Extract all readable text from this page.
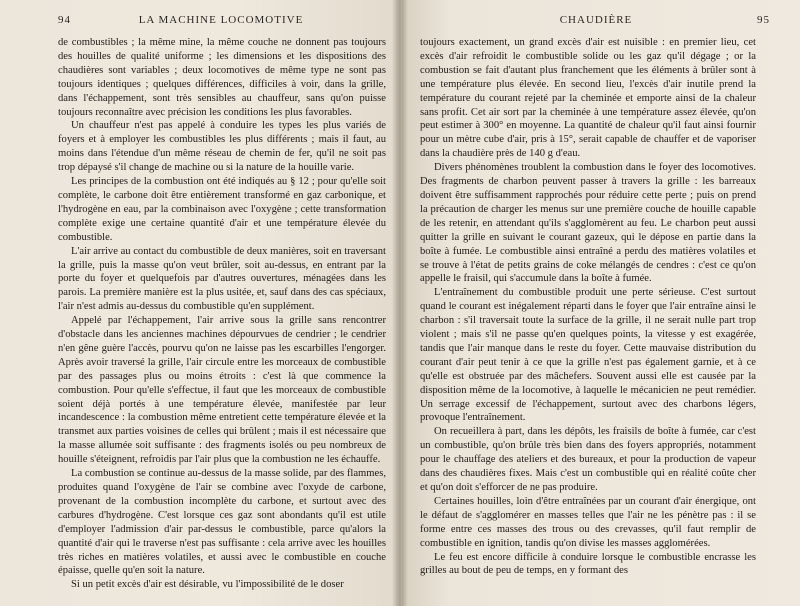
94	LA MACHINE LOCOMOTIVE

de combustibles ; la même mine, la même couche ne donnent pas toujours des houilles de qualité uniforme ; les dimensions et les dispositions des chaudières sont variables ; deux locomotives de même type ne sont pas toujours identiques ; quelques différences, difficiles à voir, dans la grille, dans l'échappement, sont très sensibles au chauffeur, sans qu'on puisse toujours reconnaître avec précision les conditions les plus favorables.

Un chauffeur n'est pas appelé à conduire les types les plus variés de foyers et à employer les combustibles les plus différents ; mais il faut, au moins dans l'étendue d'un même réseau de chemin de fer, qu'il ne soit pas trop dépaysé s'il change de machine ou si la nature de la houille varie.

Les principes de la combustion ont été indiqués au § 12 ; pour qu'elle soit complète, le carbone doit être entièrement transformé en gaz carbonique, et l'hydrogène en eau, par la combinaison avec l'oxygène ; cette transformation complète exige une certaine quantité d'air et une température élevée du combustible.

L'air arrive au contact du combustible de deux manières, soit en traversant la grille, puis la masse qu'on veut brûler, soit au-dessus, en entrant par la porte du foyer et quelquefois par d'autres ouvertures, ménagées dans les parois. La première manière est la plus usitée, et, sauf dans des cas spéciaux, l'air n'est admis au-dessus du combustible qu'en supplément.

Appelé par l'échappement, l'air arrive sous la grille sans rencontrer d'obstacle dans les anciennes machines dépourvues de cendrier ; le cendrier n'en gêne guère l'accès, pourvu qu'on ne laisse pas les escarbilles l'engorger. Après avoir traversé la grille, l'air circule entre les morceaux de combustible par des passages plus ou moins étroits : c'est là que commence la combustion. Pour qu'elle s'effectue, il faut que les morceaux de combustible soient déjà portés à une température élevée, manifestée par leur incandescence : la combustion même entretient cette température élevée et la transmet aux parties voisines de celles qui brûlent ; mais il est nécessaire que la masse allumée soit suffisante : des fragments isolés ou peu nombreux de houille s'éteignent, refroidis par l'air plus que la combustion ne les échauffe.

La combustion se continue au-dessus de la masse solide, par des flammes, produites quand l'oxygène de l'air se combine avec l'oxyde de carbone, provenant de la combustion incomplète du carbone, et surtout avec des carbures d'hydrogène. C'est lorsque ces gaz sont abondants qu'il est utile d'employer l'admission d'air par-dessus le combustible, parce qu'alors la quantité d'air qui le traverse n'est pas suffisante : cela arrive avec les houilles très riches en matières volatiles, et aussi avec le combustible en couche épaisse, quelle qu'en soit la nature.

Si un petit excès d'air est désirable, vu l'impossibilité de le doser

CHAUDIÈRE	95

toujours exactement, un grand excès d'air est nuisible : en premier lieu, cet excès d'air refroidit le combustible solide ou les gaz qu'il dégage ; or la combustion se fait d'autant plus franchement que les éléments à brûler sont à une température plus élevée. En second lieu, l'excès d'air inutile prend la température du courant rejeté par la cheminée et emporte ainsi de la chaleur sans profit. Cet air sort par la cheminée à une température assez élevée, qu'on peut estimer à 300° en moyenne. La quantité de chaleur qu'il faut ainsi fournir pour un mètre cube d'air, pris à 15°, serait capable de chauffer et de vaporiser dans la chaudière près de 140 g d'eau.

Divers phénomènes troublent la combustion dans le foyer des locomotives. Des fragments de charbon peuvent passer à travers la grille : les barreaux doivent être suffisamment rapprochés pour réduire cette perte ; puis on prend la précaution de charger les menus sur une première couche de houille capable de les retenir, en attendant qu'ils s'agglomèrent au feu. Le charbon peut aussi quitter la grille en suivant le courant gazeux, qui le dépose en partie dans la boîte à fumée. Le combustible ainsi entraîné a perdu des matières volatiles et se trouve à l'état de petits grains de coke mélangés de cendres : c'est ce qu'on appelle le fraisil, qui s'accumule dans la boîte à fumée.

L'entraînement du combustible produit une perte sérieuse. C'est surtout quand le courant est inégalement réparti dans le foyer que l'air entraîne ainsi le charbon : s'il traversait toute la surface de la grille, il ne serait nulle part trop violent ; mais s'il ne passe qu'en quelques points, la vitesse y est exagérée, tandis que l'air manque dans le reste du foyer. Cette mauvaise distribution du courant d'air peut tenir à ce que la grille n'est pas également garnie, et à ce qu'elle est obstruée par des mâchefers. Souvent aussi elle est causée par la disposition même de la locomotive, à laquelle le mécanicien ne peut remédier. Un serrage excessif de l'échappement, surtout avec des charbons légers, provoque l'entraînement.

On recueillera à part, dans les dépôts, les fraisils de boîte à fumée, car c'est un combustible, qu'on brûle très bien dans des foyers appropriés, notamment pour le chauffage des ateliers et des bureaux, et pour la production de vapeur dans des chaudières fixes. Mais c'est un combustible qui en réalité coûte cher et qu'on doit s'efforcer de ne pas produire.

Certaines houilles, loin d'être entraînées par un courant d'air énergique, ont le défaut de s'agglomérer en masses telles que l'air ne les pénètre pas : il se forme entre ces masses des trous ou des crevasses, qu'il faut remplir de combustible en ignition, tandis qu'on divise les masses agglomérées.

Le feu est encore difficile à conduire lorsque le combustible encrasse les grilles au bout de peu de temps, en y formant des
